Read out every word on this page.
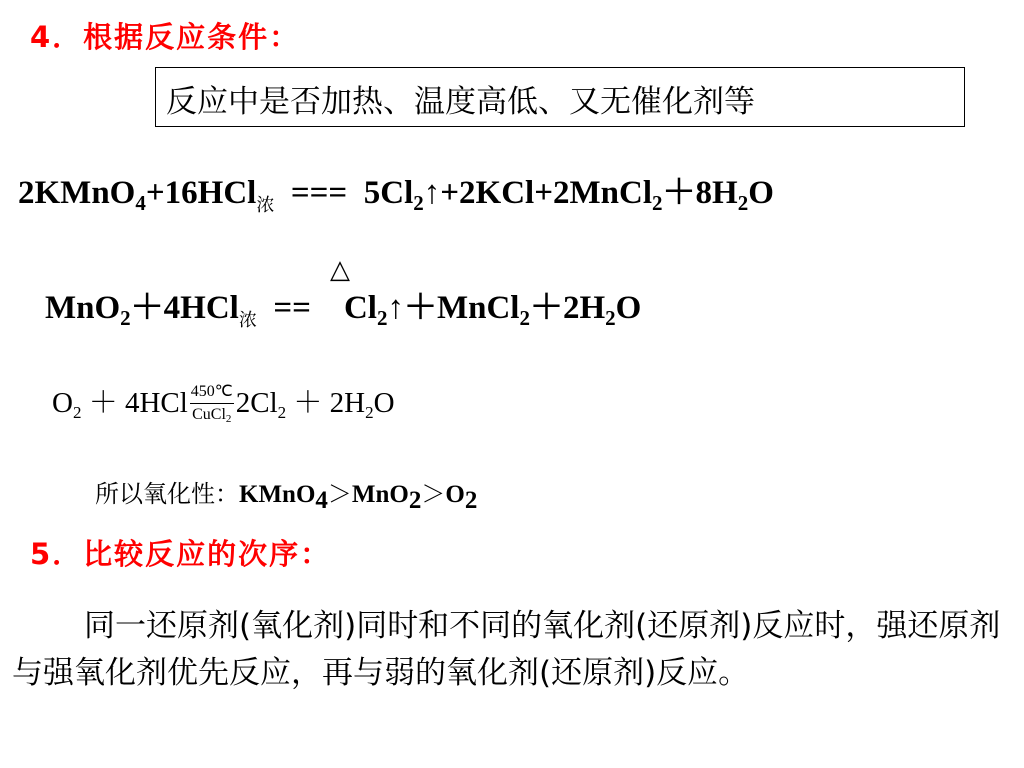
4．根据反应条件：
反应中是否加热、温度高低、又无催化剂等
2KMnO$_4$+16HCl$_浓$ === $5Cl_2↑+2KCl+2MnCl_2+8H_2O$
△
$MnO_2+4HCl_浓 == Cl_2↑+MnCl_2+2H_2O$
$O_2 + 4HCl \frac{450℃}{CuCl_2} 2Cl_2 + 2H_2O$
所以氧化性：$KMnO_4>MnO_2>O_2$
5．比较反应的次序：
同一还原剂(氧化剂)同时和不同的氧化剂(还原剂)反应时，强还原剂与强氧化剂优先反应，再与弱的氧化剂(还原剂)反应。
